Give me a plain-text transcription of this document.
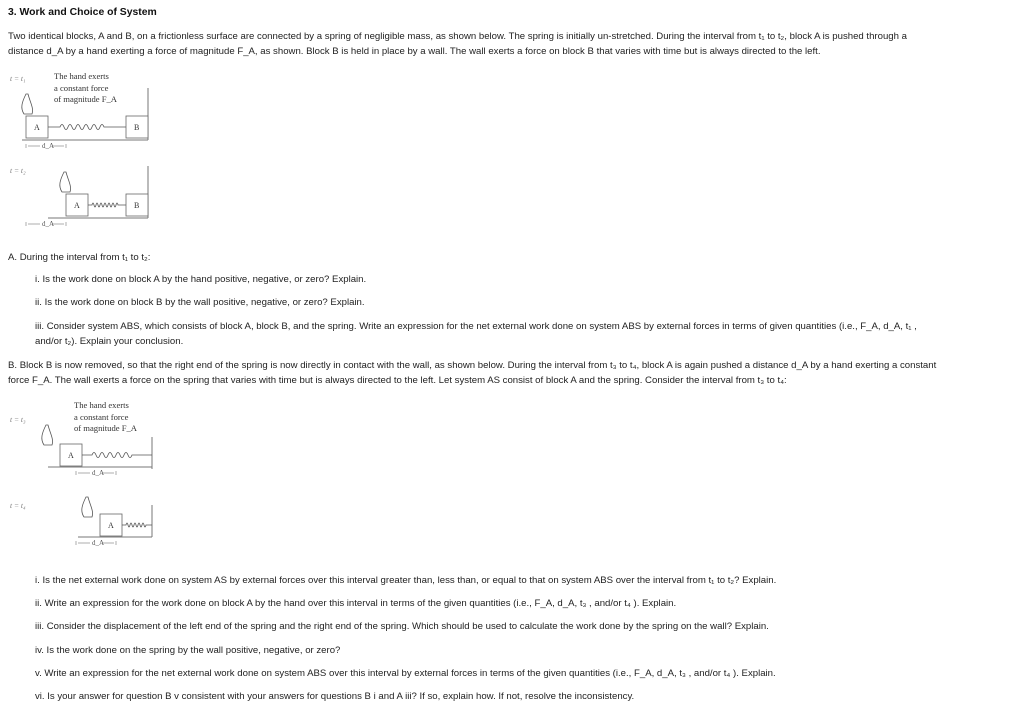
3. Work and Choice of System
Two identical blocks, A and B, on a frictionless surface are connected by a spring of negligible mass, as shown below. The spring is initially un-stretched. During the interval from t₁ to t₂, block A is pushed through a
distance d_A by a hand exerting a force of magnitude F_A, as shown. Block B is held in place by a wall. The wall exerts a force on block B that varies with time but is always directed to the left.
t = t₁	The hand exerts
a constant force
of magnitude F_A
A	B
d_A
A	B
d_A
t = t₂
A. During the interval from t₁ to t₂:
i. Is the work done on block A by the hand positive, negative, or zero? Explain.
ii. Is the work done on block B by the wall positive, negative, or zero? Explain.
iii. Consider system ABS, which consists of block A, block B, and the spring. Write an expression for the net external work done on system ABS by external forces in terms of given quantities (i.e., F_A, d_A, t₁ ,
and/or t₂). Explain your conclusion.
B. Block B is now removed, so that the right end of the spring is now directly in contact with the wall, as shown below. During the interval from t₃ to t₄, block A is again pushed a distance d_A by a hand exerting a constant
force F_A. The wall exerts a force on the spring that varies with time but is always directed to the left. Let system AS consist of block A and the spring. Consider the interval from t₃ to t₄:
t = t₃
The hand exerts
a constant force
of magnitude F_A
A
d_A
A
d_A
t = t₄
i. Is the net external work done on system AS by external forces over this interval greater than, less than, or equal to that on system ABS over the interval from t₁ to t₂? Explain.
ii. Write an expression for the work done on block A by the hand over this interval in terms of the given quantities (i.e., F_A, d_A, t₃ , and/or t₄ ). Explain.
iii. Consider the displacement of the left end of the spring and the right end of the spring. Which should be used to calculate the work done by the spring on the wall? Explain.
iv. Is the work done on the spring by the wall positive, negative, or zero?
v. Write an expression for the net external work done on system ABS over this interval by external forces in terms of the given quantities (i.e., F_A, d_A, t₃ , and/or t₄ ). Explain.
vi. Is your answer for question B v consistent with your answers for questions B i and A iii? If so, explain how. If not, resolve the inconsistency.
